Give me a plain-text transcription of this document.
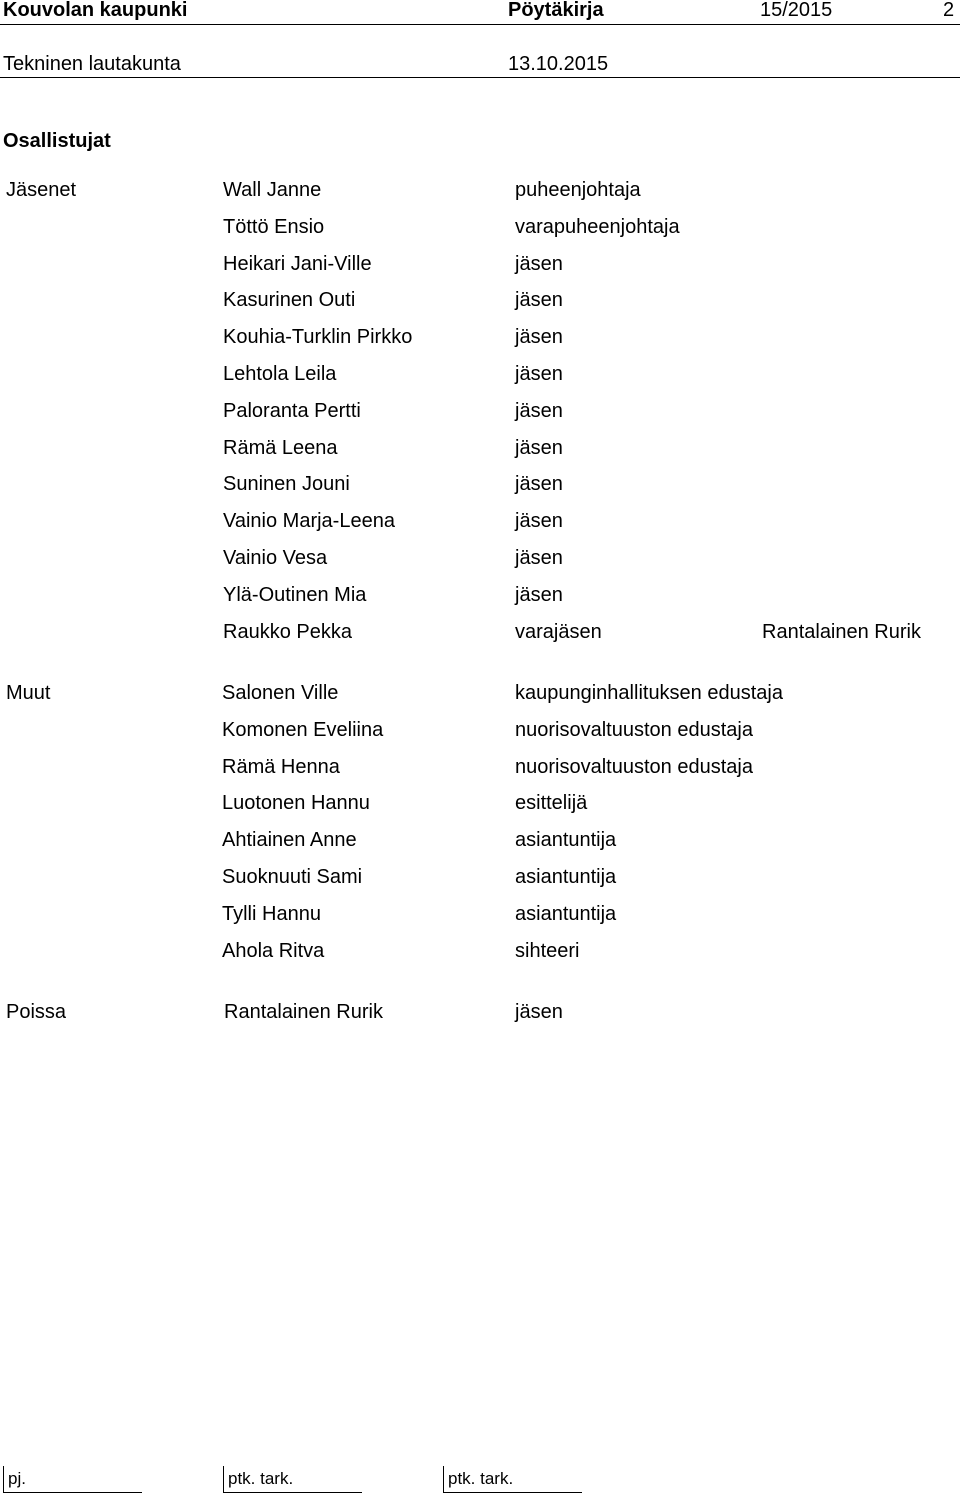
Kouvolan kaupunki	Pöytäkirja	15/2015	2
Tekninen lautakunta	13.10.2015
Osallistujat
Jäsenet	Wall Janne	puheenjohtaja
Töttö Ensio	varapuheenjohtaja
Heikari Jani-Ville	jäsen
Kasurinen Outi	jäsen
Kouhia-Turklin Pirkko	jäsen
Lehtola Leila	jäsen
Paloranta Pertti	jäsen
Rämä Leena	jäsen
Suninen Jouni	jäsen
Vainio Marja-Leena	jäsen
Vainio Vesa	jäsen
Ylä-Outinen Mia	jäsen
Raukko Pekka	varajäsen	Rantalainen Rurik
Muut	Salonen Ville	kaupunginhallituksen edustaja
Komonen Eveliina	nuorisovaltuuston edustaja
Rämä Henna	nuorisovaltuuston edustaja
Luotonen Hannu	esittelijä
Ahtiainen Anne	asiantuntija
Suoknuuti Sami	asiantuntija
Tylli Hannu	asiantuntija
Ahola Ritva	sihteeri
Poissa	Rantalainen Rurik	jäsen
pj.	ptk. tark.	ptk. tark.
